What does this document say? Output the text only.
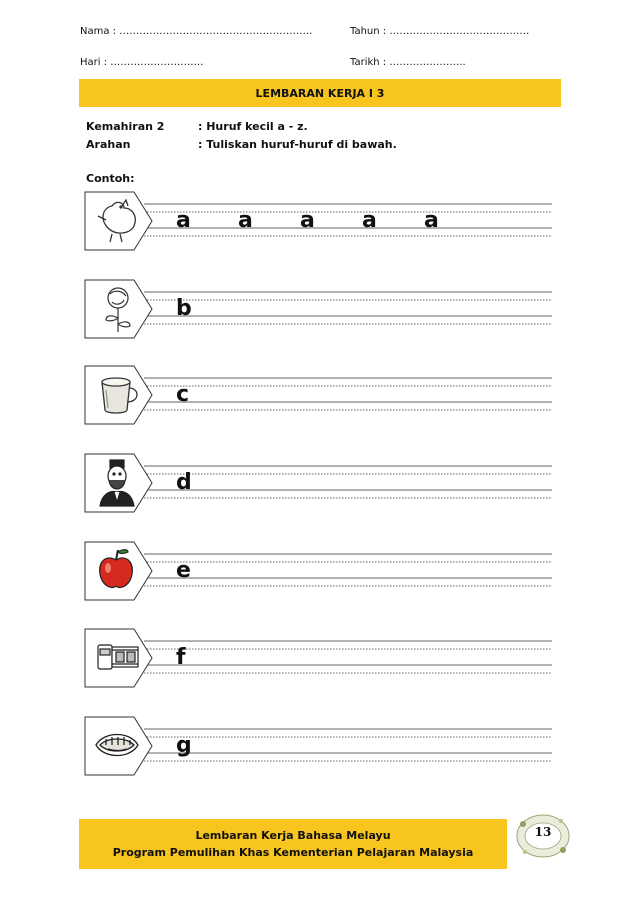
Nama : ………………………………………………….	Tahun : ……………………………………
Hari : ……………………….	Tarikh : …………………..
LEMBARAN KERJA I 3
Kemahiran 2	: Huruf kecil a - z.
Arahan	: Tuliskan huruf-huruf di bawah.
Contoh:
a a a a a
b
c
d
e
f
g
Lembaran Kerja Bahasa Melayu
Program Pemulihan Khas Kementerian Pelajaran Malaysia
13
